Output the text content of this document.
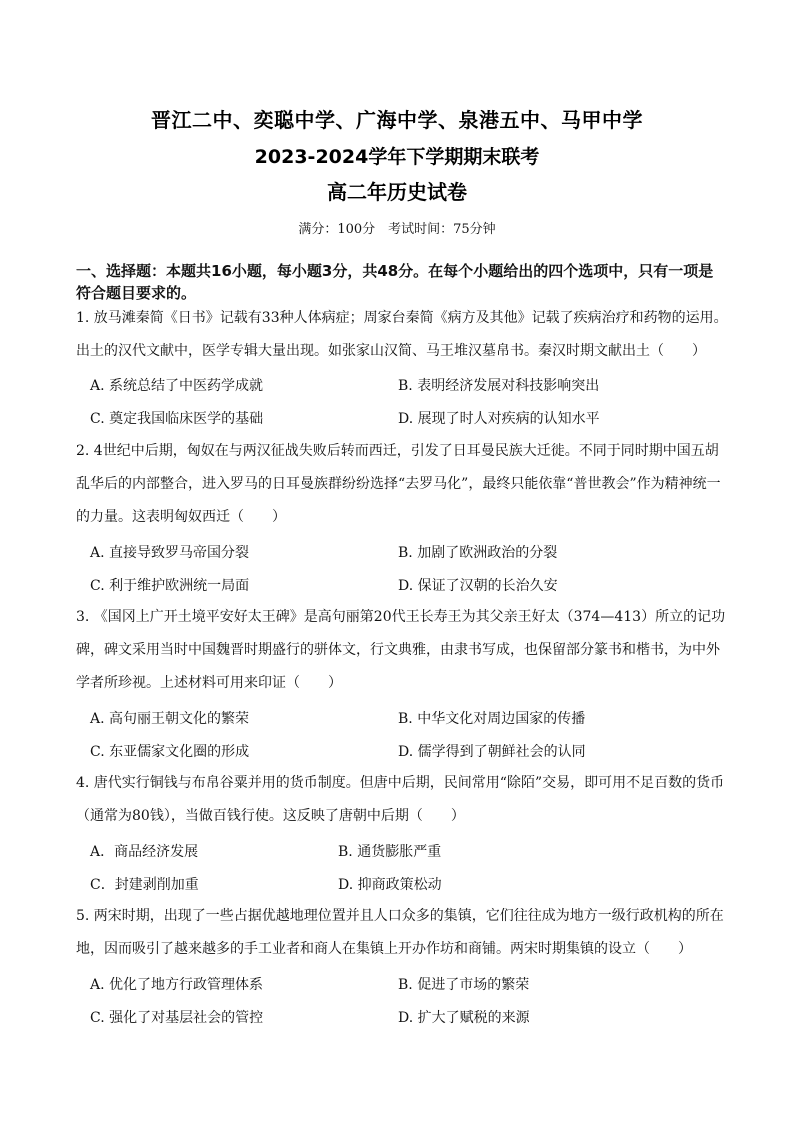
晋江二中、奕聪中学、广海中学、泉港五中、马甲中学
2023-2024学年下学期期末联考
高二年历史试卷
满分：100分　考试时间：75分钟
一、选择题：本题共16小题，每小题3分，共48分。在每个小题给出的四个选项中，只有一项是符合题目要求的。
1. 放马滩秦简《日书》记载有33种人体病症；周家台秦简《病方及其他》记载了疾病治疗和药物的运用。出土的汉代文献中，医学专辑大量出现。如张家山汉简、马王堆汉墓帛书。秦汉时期文献出土（　　）
A. 系统总结了中医药学成就	B. 表明经济发展对科技影响突出
C. 奠定我国临床医学的基础	D. 展现了时人对疾病的认知水平
2. 4世纪中后期，匈奴在与两汉征战失败后转而西迁，引发了日耳曼民族大迁徙。不同于同时期中国五胡乱华后的内部整合，进入罗马的日耳曼族群纷纷选择“去罗马化”，最终只能依靠“普世教会”作为精神统一的力量。这表明匈奴西迁（　　）
A. 直接导致罗马帝国分裂	B. 加剧了欧洲政治的分裂
C. 利于维护欧洲统一局面	D. 保证了汉朝的长治久安
3. 《国冈上广开土境平安好太王碑》是高句丽第20代王长寿王为其父亲王好太（374—413）所立的记功碑，碑文采用当时中国魏晋时期盛行的骈体文，行文典雅，由隶书写成，也保留部分篆书和楷书，为中外学者所珍视。上述材料可用来印证（　　）
A. 高句丽王朝文化的繁荣	B. 中华文化对周边国家的传播
C. 东亚儒家文化圈的形成	D. 儒学得到了朝鲜社会的认同
4. 唐代实行铜钱与布帛谷粟并用的货币制度。但唐中后期，民间常用“除陌”交易，即可用不足百数的货币（通常为80钱），当做百钱行使。这反映了唐朝中后期（　　）
A．商品经济发展	B. 通货膨胀严重
C．封建剥削加重	D. 抑商政策松动
5. 两宋时期，出现了一些占据优越地理位置并且人口众多的集镇，它们往往成为地方一级行政机构的所在地，因而吸引了越来越多的手工业者和商人在集镇上开办作坊和商铺。两宋时期集镇的设立（　　）
A. 优化了地方行政管理体系	B. 促进了市场的繁荣
C. 强化了对基层社会的管控	D. 扩大了赋税的来源
